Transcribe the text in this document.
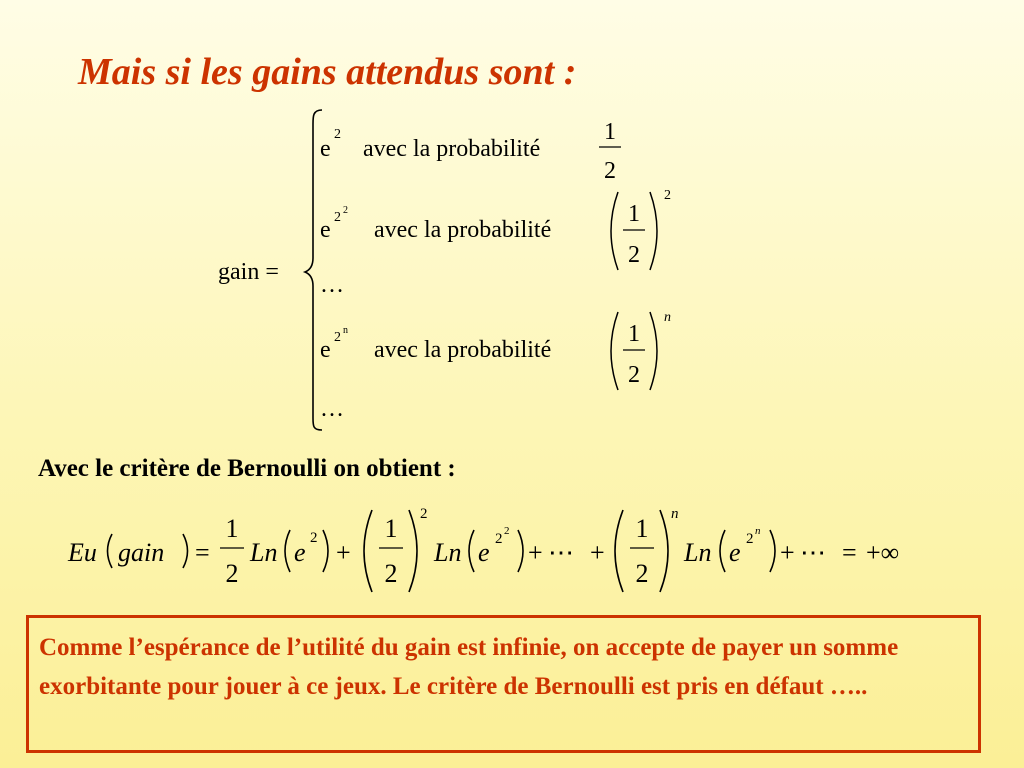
Mais si les gains attendus sont :
gain =
e
2
avec la probabilité
1
2
e 2 2
avec la probabilité
1
2
2
…
e 2 n
avec la probabilité
1
2
n
…
Eu gain =
1
2
Ln e 2 +
1
2
2
Ln e 2 2
+ ⋯ +
1
2
n
Ln e 2 n
+ ⋯ = +∞
Avec le critère de Bernoulli on obtient :
Comme l’espérance de l’utilité du gain est infinie, on accepte de payer un somme exorbitante pour jouer à ce jeux. Le critère de Bernoulli est pris en défaut …..
